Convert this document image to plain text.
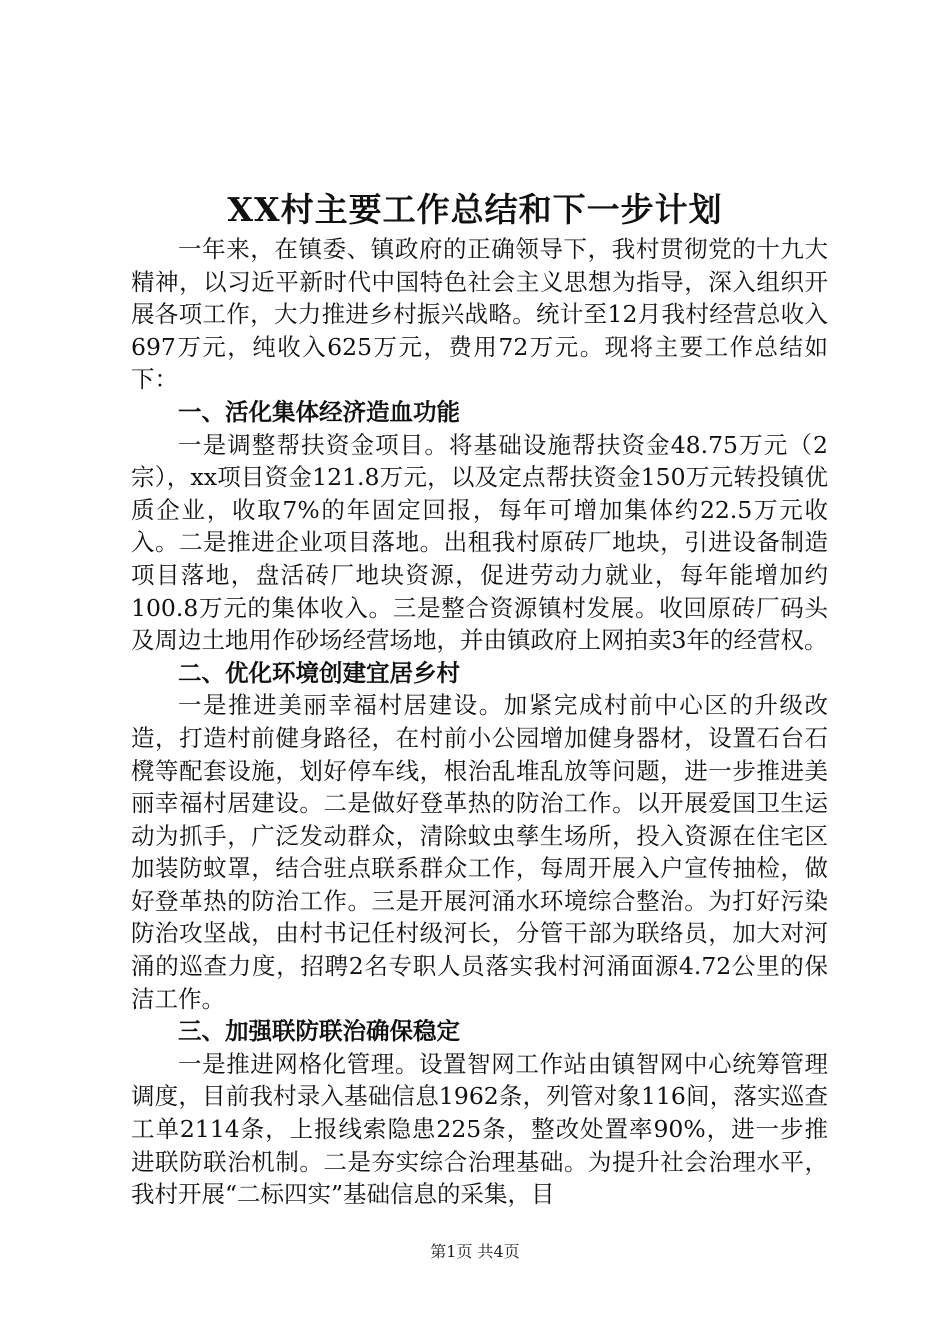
XX村主要工作总结和下一步计划

一年来，在镇委、镇政府的正确领导下，我村贯彻党的十九大精神，以习近平新时代中国特色社会主义思想为指导，深入组织开展各项工作，大力推进乡村振兴战略。统计至12月我村经营总收入697万元，纯收入625万元，费用72万元。现将主要工作总结如下：

一、活化集体经济造血功能

一是调整帮扶资金项目。将基础设施帮扶资金48.75万元（2宗），xx项目资金121.8万元，以及定点帮扶资金150万元转投镇优质企业，收取7%的年固定回报，每年可增加集体约22.5万元收入。二是推进企业项目落地。出租我村原砖厂地块，引进设备制造项目落地，盘活砖厂地块资源，促进劳动力就业，每年能增加约100.8万元的集体收入。三是整合资源镇村发展。收回原砖厂码头及周边土地用作砂场经营场地，并由镇政府上网拍卖3年的经营权。

二、优化环境创建宜居乡村

一是推进美丽幸福村居建设。加紧完成村前中心区的升级改造，打造村前健身路径，在村前小公园增加健身器材，设置石台石櫈等配套设施，划好停车线，根治乱堆乱放等问题，进一步推进美丽幸福村居建设。二是做好登革热的防治工作。以开展爱国卫生运动为抓手，广泛发动群众，清除蚊虫孳生场所，投入资源在住宅区加装防蚊罩，结合驻点联系群众工作，每周开展入户宣传抽检，做好登革热的防治工作。三是开展河涌水环境综合整治。为打好污染防治攻坚战，由村书记任村级河长，分管干部为联络员，加大对河涌的巡查力度，招聘2名专职人员落实我村河涌面源4.72公里的保洁工作。

三、加强联防联治确保稳定

一是推进网格化管理。设置智网工作站由镇智网中心统筹管理调度，目前我村录入基础信息1962条，列管对象116间，落实巡查工单2114条，上报线索隐患225条，整改处置率90%，进一步推进联防联治机制。二是夯实综合治理基础。为提升社会治理水平，我村开展“二标四实”基础信息的采集，目

第1页 共4页
